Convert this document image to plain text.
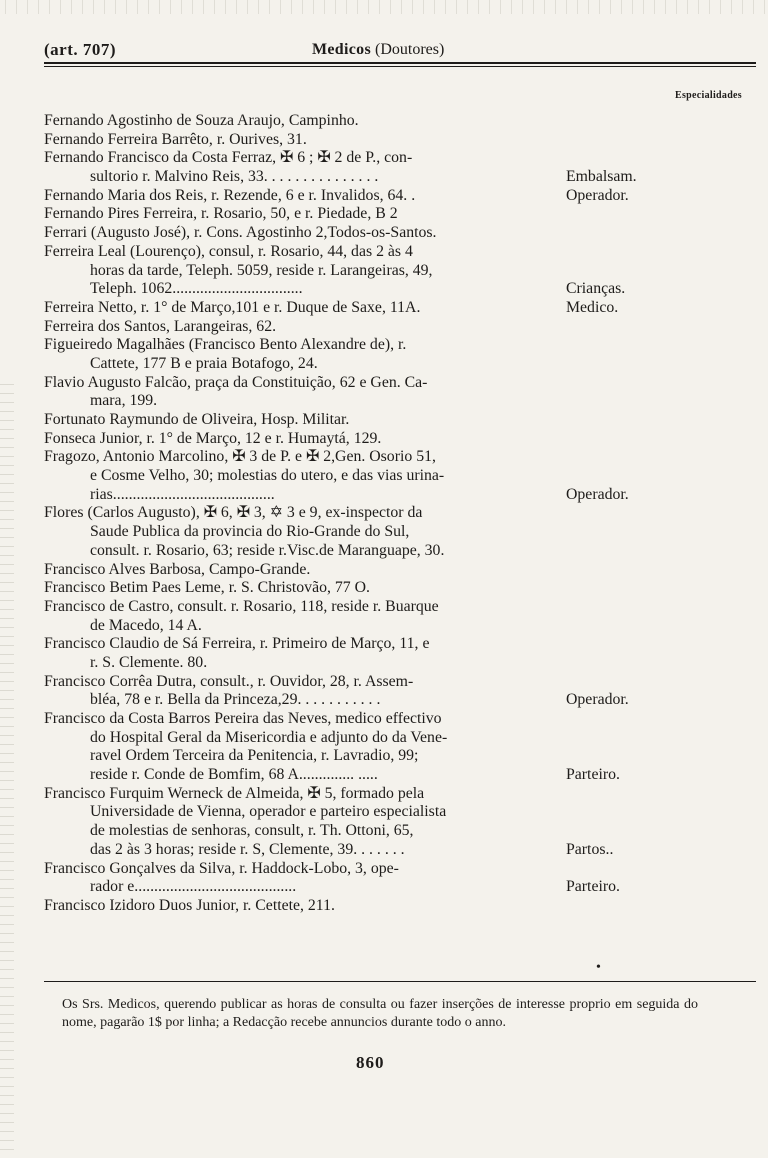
(art. 707)	Medicos (Doutores)
Especialidades
Fernando Agostinho de Souza Araujo, Campinho.
Fernando Ferreira Barrêto, r. Ourives, 31.
Fernando Francisco da Costa Ferraz, ✠ 6 ; ✠ 2 de P., con-
sultorio r. Malvino Reis, 33. . . . . . . . . . . . . . .	Embalsam.
Fernando Maria dos Reis, r. Rezende, 6 e r. Invalidos, 64. .	Operador.
Fernando Pires Ferreira, r. Rosario, 50, e r. Piedade, B 2
Ferrari (Augusto José), r. Cons. Agostinho 2,Todos-os-Santos.
Ferreira Leal (Lourenço), consul, r. Rosario, 44, das 2 às 4
horas da tarde, Teleph. 5059, reside r. Larangeiras, 49,
Teleph. 1062.................................	Crianças.
Ferreira Netto, r. 1° de Março,101 e r. Duque de Saxe, 11A.	Medico.
Ferreira dos Santos, Larangeiras, 62.
Figueiredo Magalhães (Francisco Bento Alexandre de), r.
Cattete, 177 B e praia Botafogo, 24.
Flavio Augusto Falcão, praça da Constituição, 62 e Gen. Ca-
mara, 199.
Fortunato Raymundo de Oliveira, Hosp. Militar.
Fonseca Junior, r. 1° de Março, 12 e r. Humaytá, 129.
Fragozo, Antonio Marcolino, ✠ 3 de P. e ✠ 2,Gen. Osorio 51,
e Cosme Velho, 30; molestias do utero, e das vias urina-
rias.........................................	Operador.
Flores (Carlos Augusto), ✠ 6, ✠ 3, ✡ 3 e 9, ex-inspector da
Saude Publica da provincia do Rio-Grande do Sul,
consult. r. Rosario, 63; reside r.Visc.de Maranguape, 30.
Francisco Alves Barbosa, Campo-Grande.
Francisco Betim Paes Leme, r. S. Christovão, 77 O.
Francisco de Castro, consult. r. Rosario, 118, reside r. Buarque
de Macedo, 14 A.
Francisco Claudio de Sá Ferreira, r. Primeiro de Março, 11, e
r. S. Clemente. 80.
Francisco Corrêa Dutra, consult., r. Ouvidor, 28, r. Assem-
bléa, 78 e r. Bella da Princeza,29. . . . . . . . . . .	Operador.
Francisco da Costa Barros Pereira das Neves, medico effectivo
do Hospital Geral da Misericordia e adjunto do da Vene-
ravel Ordem Terceira da Penitencia, r. Lavradio, 99;
reside r. Conde de Bomfim, 68 A.............. .....	Parteiro.
Francisco Furquim Werneck de Almeida, ✠ 5, formado pela
Universidade de Vienna, operador e parteiro especialista
de molestias de senhoras, consult, r. Th. Ottoni, 65,
das 2 às 3 horas; reside r. S, Clemente, 39. . . . . . .	Partos..
Francisco Gonçalves da Silva, r. Haddock-Lobo, 3, ope-
rador e.........................................	Parteiro.
Francisco Izidoro Duos Junior, r. Cettete, 211.
•
Os Srs. Medicos, querendo publicar as horas de consulta ou fazer inserções de interesse proprio em seguida do nome, pagarão 1$ por linha; a Redacção recebe annuncios durante todo o anno.
860
